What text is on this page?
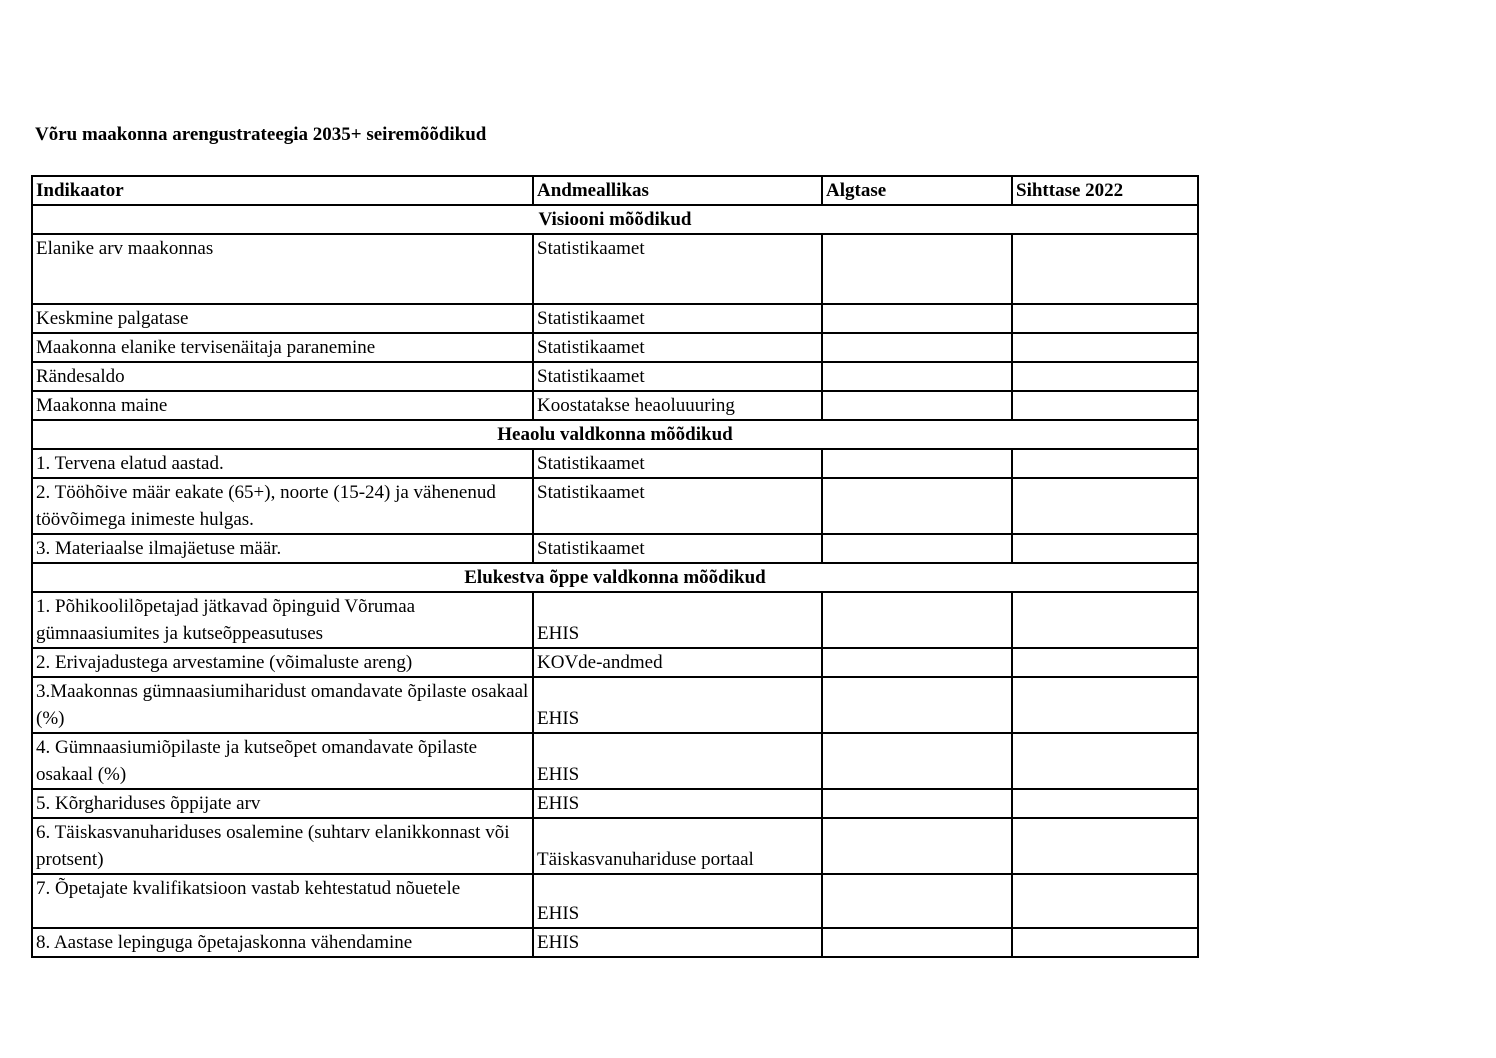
Võru maakonna arengustrateegia 2035+ seiremõõdikud
Indikaator	Andmeallikas	Algtase	Sihttase 2022
Visiooni mõõdikud			
Elanike arv maakonnas	Statistikaamet		
Keskmine palgatase	Statistikaamet		
Maakonna elanike tervisenäitaja paranemine	Statistikaamet		
Rändesaldo	Statistikaamet		
Maakonna maine	Koostatakse heaoluuuring		
Heaolu valdkonna mõõdikud			
1. Tervena elatud aastad.	Statistikaamet		
2. Tööhõive määr eakate (65+), noorte (15-24) ja vähenenud töövõimega inimeste hulgas.	Statistikaamet		
3. Materiaalse ilmajäetuse määr.	Statistikaamet		
Elukestva õppe valdkonna mõõdikud			
1. Põhikoolilõpetajad jätkavad õpinguid Võrumaa gümnaasiumites ja kutseõppeasutuses	EHIS		
2. Erivajadustega arvestamine (võimaluste areng)	KOVde-andmed		
3.Maakonnas gümnaasiumiharidust omandavate õpilaste osakaal (%)	EHIS		
4. Gümnaasiumiõpilaste ja kutseõpet omandavate õpilaste osakaal (%)	EHIS		
5. Kõrghariduses õppijate arv	EHIS		
6. Täiskasvanuhariduses osalemine (suhtarv elanikkonnast või protsent)	Täiskasvanuhariduse portaal		
7. Õpetajate kvalifikatsioon vastab kehtestatud nõuetele	EHIS		
8. Aastase lepinguga õpetajaskonna vähendamine	EHIS		
